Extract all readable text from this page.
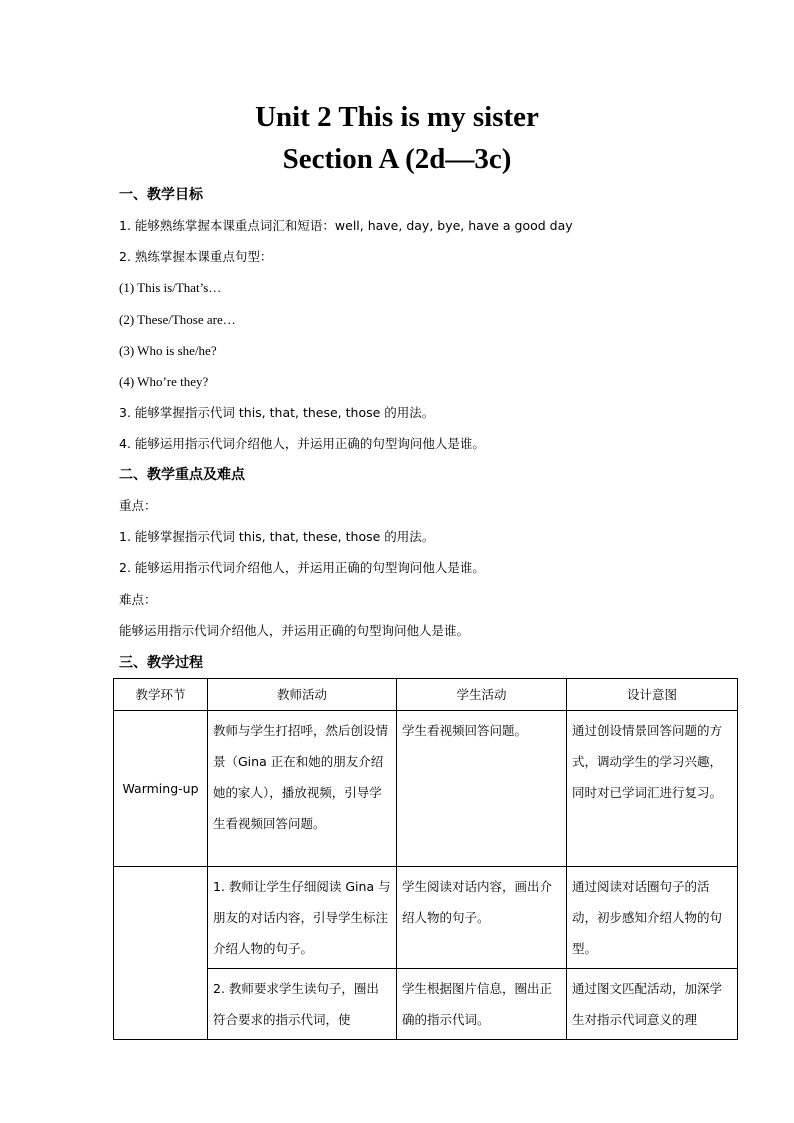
Unit 2 This is my sister
Section A (2d—3c)
一、教学目标
1. 能够熟练掌握本课重点词汇和短语：well, have, day, bye, have a good day
2. 熟练掌握本课重点句型：
(1) This is/That’s…
(2) These/Those are…
(3) Who is she/he?
(4) Who’re they?
3. 能够掌握指示代词 this, that, these, those 的用法。
4. 能够运用指示代词介绍他人，并运用正确的句型询问他人是谁。
二、教学重点及难点
重点：
1. 能够掌握指示代词 this, that, these, those 的用法。
2. 能够运用指示代词介绍他人，并运用正确的句型询问他人是谁。
难点：
能够运用指示代词介绍他人，并运用正确的句型询问他人是谁。
三、教学过程
教学环节	教师活动	学生活动	设计意图
Warming-up	教师与学生打招呼，然后创设情景（Gina 正在和她的朋友介绍她的家人），播放视频，引导学生看视频回答问题。	学生看视频回答问题。	通过创设情景回答问题的方式，调动学生的学习兴趣，同时对已学词汇进行复习。
	1. 教师让学生仔细阅读 Gina 与朋友的对话内容，引导学生标注介绍人物的句子。	学生阅读对话内容，画出介绍人物的句子。	通过阅读对话圈句子的活动，初步感知介绍人物的句型。
	2. 教师要求学生读句子，圈出符合要求的指示代词，使	学生根据图片信息，圈出正确的指示代词。	通过图文匹配活动，加深学生对指示代词意义的理
